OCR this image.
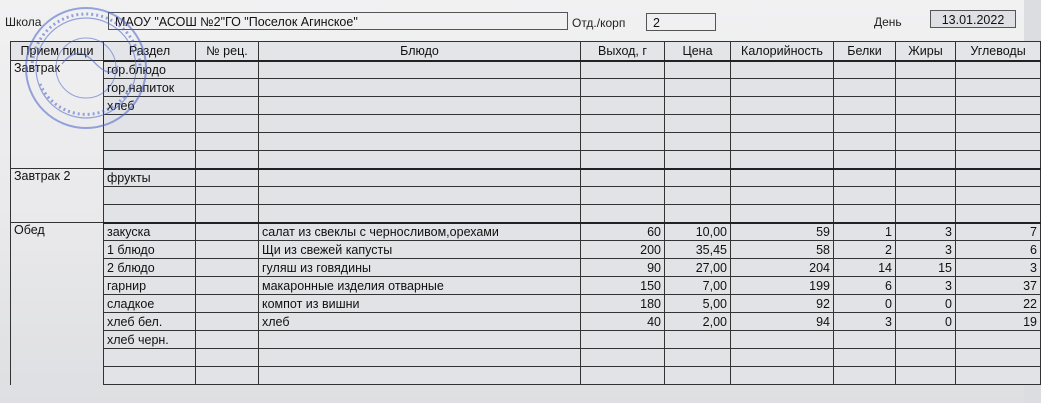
Школа	МАОУ "АСОШ №2"ГО "Поселок Агинское"	Отд./корп	2	День	13.01.2022
Прием пищи	Раздел	№ рец.	Блюдо	Выход, г	Цена	Калорийность	Белки	Жиры	Углеводы
Завтрак	гор.блюдо								
	гор.напиток								
	хлеб								

Завтрак 2	фрукты								

Обед	закуска		салат из свеклы с черносливом,орехами	60	10,00	59	1	3	7
	1 блюдо		Щи из свежей капусты	200	35,45	58	2	3	6
	2 блюдо		гуляш из говядины	90	27,00	204	14	15	3
	гарнир		макаронные изделия отварные	150	7,00	199	6	3	37
	сладкое		компот из вишни	180	5,00	92	0	0	22
	хлеб бел.		хлеб	40	2,00	94	3	0	19
	хлеб черн.								
